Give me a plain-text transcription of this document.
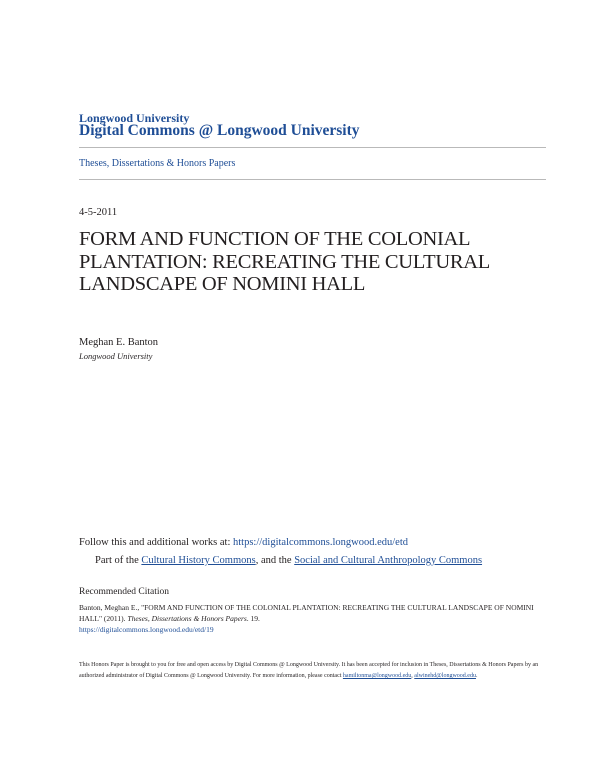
Longwood University
Digital Commons @ Longwood University
Theses, Dissertations & Honors Papers
4-5-2011
FORM AND FUNCTION OF THE COLONIAL PLANTATION: RECREATING THE CULTURAL LANDSCAPE OF NOMINI HALL
Meghan E. Banton
Longwood University
Follow this and additional works at: https://digitalcommons.longwood.edu/etd
Part of the Cultural History Commons, and the Social and Cultural Anthropology Commons
Recommended Citation
Banton, Meghan E., "FORM AND FUNCTION OF THE COLONIAL PLANTATION: RECREATING THE CULTURAL LANDSCAPE OF NOMINI HALL" (2011). Theses, Dissertations & Honors Papers. 19.
https://digitalcommons.longwood.edu/etd/19
This Honors Paper is brought to you for free and open access by Digital Commons @ Longwood University. It has been accepted for inclusion in Theses, Dissertations & Honors Papers by an authorized administrator of Digital Commons @ Longwood University. For more information, please contact hamiltonma@longwood.edu, alwinehd@longwood.edu.
